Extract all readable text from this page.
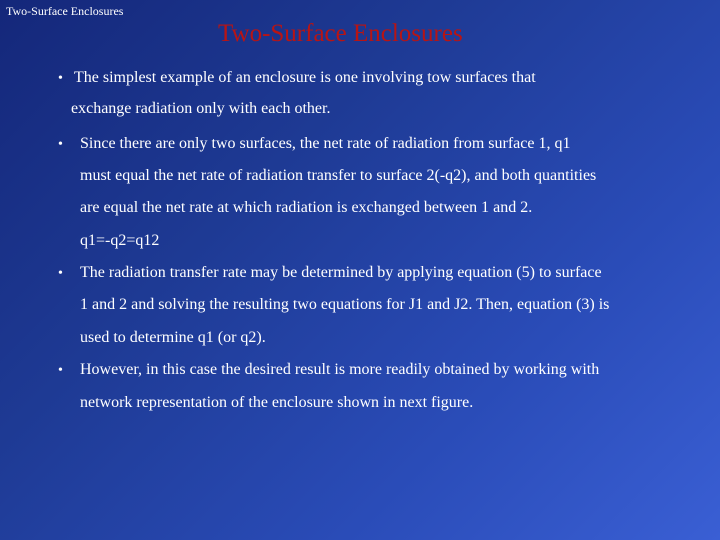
Two-Surface Enclosures
Two-Surface Enclosures
• The simplest example of an enclosure is one involving tow surfaces that
exchange radiation only with each other.
• Since there are only two surfaces, the net rate of radiation from surface 1, q1
must equal the net rate of radiation transfer to surface 2(-q2), and both quantities
are equal the net rate at which radiation is exchanged between 1 and 2.
q1=-q2=q12
• The radiation transfer rate may be determined by applying equation (5) to surface
1 and 2 and solving the resulting two equations for J1 and J2. Then, equation (3) is
used to determine q1 (or q2).
• However, in this case the desired result is more readily obtained by working with
network representation of the enclosure shown in next figure.
